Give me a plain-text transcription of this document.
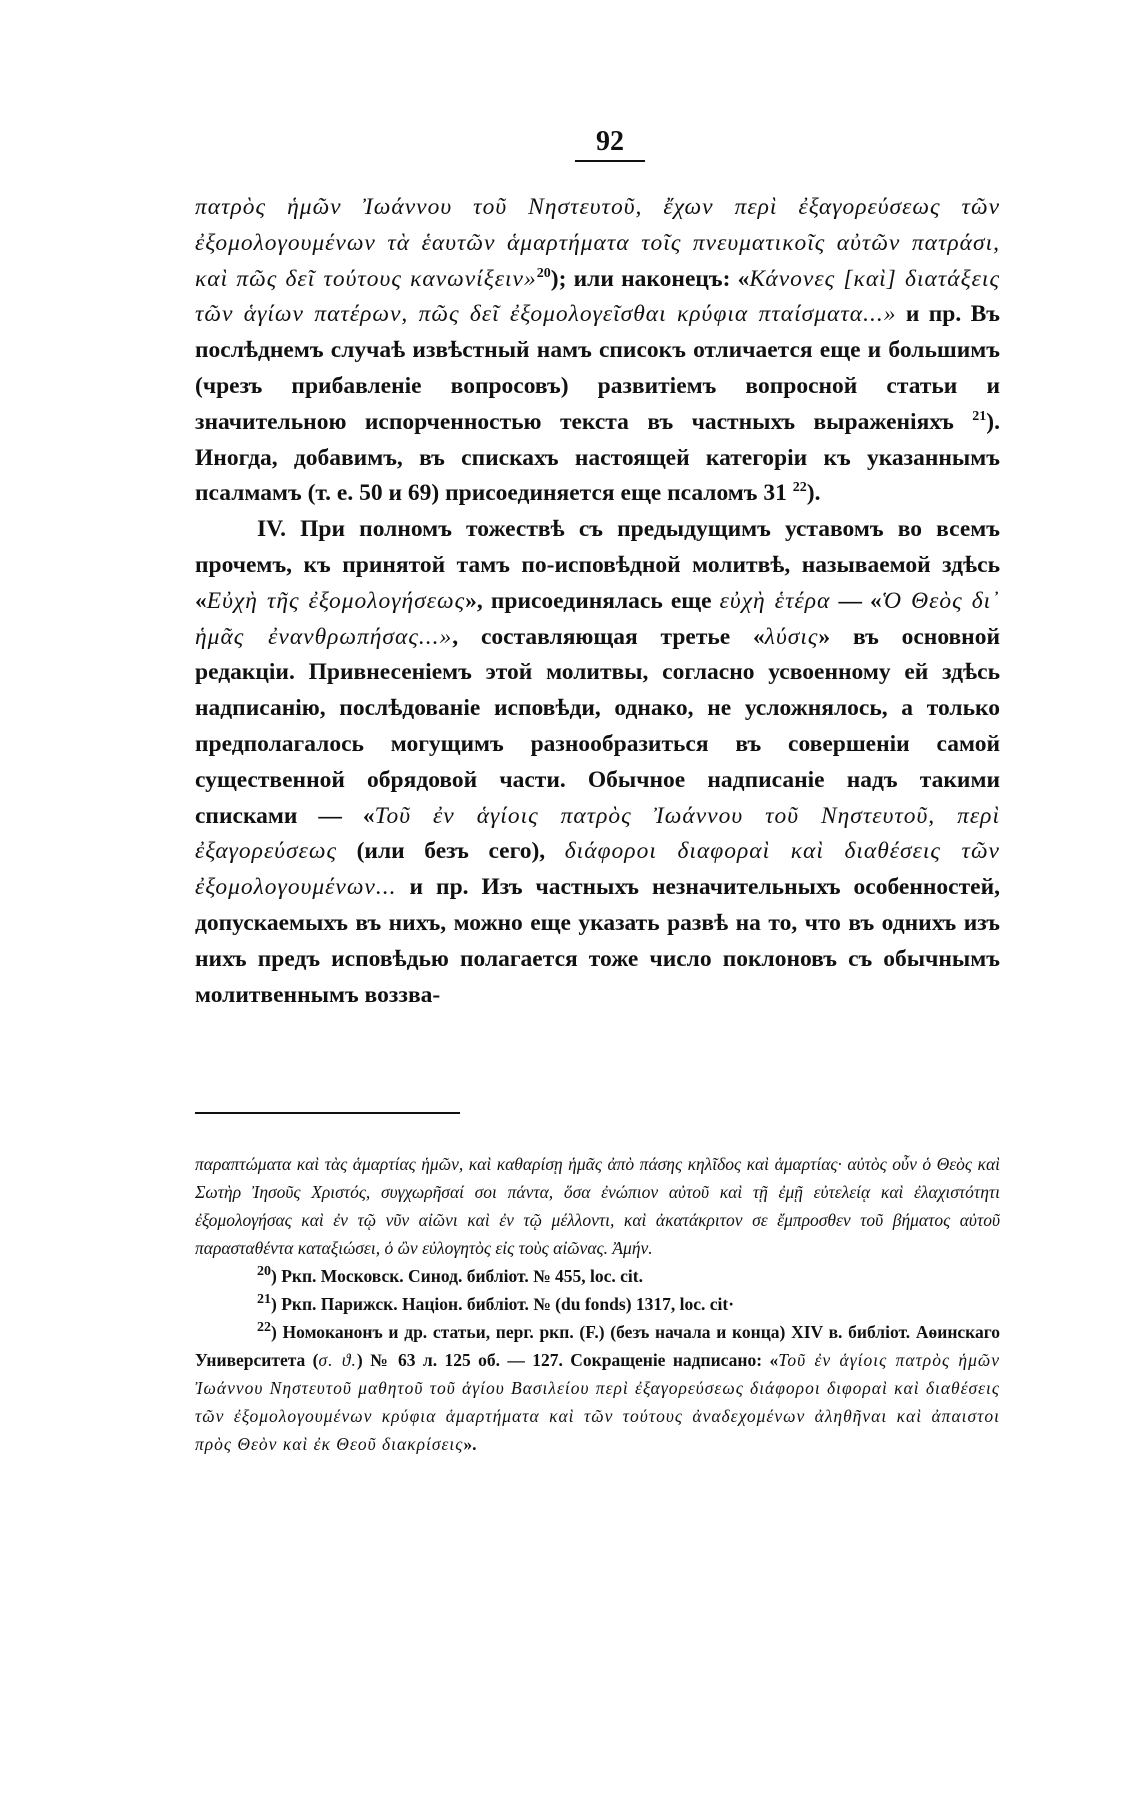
92

πατρὸς ἡμῶν Ἰωάννου τοῦ Νηστευτοῦ, ἔχων περὶ ἐξαγορεύσεως τῶν ἐξομολογουμένων τὰ ἑαυτῶν ἁμαρτήματα τοῖς πνευματικοῖς αὐτῶν πατράσι, καὶ πῶς δεῖ τούτους κανωνίξειν»$^{20}$); или наконецъ: «Κάνονες [καὶ] διατάξεις τῶν ἁγίων πατέρων, πῶς δεῖ ἐξομολογεῖσθαι κρύφια πταίσματα...» и пр. Въ послѣднемъ случаѣ извѣстный намъ списокъ отличается еще и большимъ (чрезъ прибавленіе вопросовъ) развитіемъ вопросной статьи и значительною испорченностью текста въ частныхъ выраженіяхъ $^{21}$). Иногда, добавимъ, въ спискахъ настоящей категоріи къ указаннымъ псалмамъ (т. е. 50 и 69) присоединяется еще псаломъ 31 $^{22}$).

IV. При полномъ тожествѣ съ предыдущимъ уставомъ во всемъ прочемъ, къ принятой тамъ по-исповѣдной молитвѣ, называемой здѣсь «Εὐχὴ τῆς ἐξομολογήσεως», присоединялась еще εὐχὴ ἑτέρα — «Ὁ Θεὸς δι᾿ ἡμᾶς ἐνανθρωπήσας...», составляющая третье «λύσις» въ основной редакціи. Привнесеніемъ этой молитвы, согласно усвоенному ей здѣсь надписанію, послѣдованіе исповѣди, однако, не усложнялось, а только предполагалось могущимъ разнообразиться въ совершеніи самой существенной обрядовой части. Обычное надписаніе надъ такими списками — «Τοῦ ἐν ἁγίοις πατρὸς Ἰωάννου τοῦ Νηστευτοῦ, περὶ ἐξαγορεύσεως (или безъ сего), διάφοροι διαφοραὶ καὶ διαθέσεις τῶν ἐξομολογουμένων... и пр. Изъ частныхъ незначительныхъ особенностей, допускаемыхъ въ нихъ, можно еще указать развѣ на то, что въ однихъ изъ нихъ предъ исповѣдью полагается тоже число поклоновъ съ обычнымъ молитвеннымъ воззва-

παραπτώματα καὶ τὰς ἁμαρτίας ἡμῶν, καὶ καθαρίσῃ ἡμᾶς ἀπὸ πάσης κηλῖδος καὶ ἁμαρτίας· αὐτὸς οὖν ὁ Θεὸς καὶ Σωτὴρ Ἰησοῦς Χριστός, συγχωρῆσαί σοι πάντα, ὅσα ἐνώπιον αὐτοῦ καὶ τῇ ἐμῇ εὐτελείᾳ καὶ ἐλαχιστότητι ἐξομολογήσας καὶ ἐν τῷ νῦν αἰῶνι καὶ ἐν τῷ μέλλοντι, καὶ ἀκατάκριτον σε ἔμπροσθεν τοῦ βήματος αὐτοῦ παρασταθέντα καταξιώσει, ὁ ὢν εὐλογητὸς εἰς τοὺς αἰῶνας. Ἀμήν.

$^{20}$) Ркп. Московск. Синод. библіот. № 455, loc. cit.

$^{21}$) Ркп. Парижск. Націон. библіот. № (du fonds) 1317, loc. cit·

$^{22}$) Номоканонъ и др. статьи, перг. ркп. (F.) (безъ начала и конца) XIV в. библіот. Аѳинскаго Университета (σ. ϑ.) № 63 л. 125 об. — 127. Сокращеніе надписано: «Τοῦ ἐν ἁγίοις πατρὸς ἡμῶν Ἰωάννου Νηστευτοῦ μαθητοῦ τοῦ ἁγίου Βασιλείου περὶ ἐξαγορεύσεως διάφοροι διφοραὶ καὶ διαθέσεις τῶν ἐξομολογουμένων κρύφια ἁμαρτήματα καὶ τῶν τούτους ἀναδεχομένων ἀληθῆναι καὶ ἀπαιστοι πρὸς Θεὸν καὶ ἐκ Θεοῦ διακρίσεις».
